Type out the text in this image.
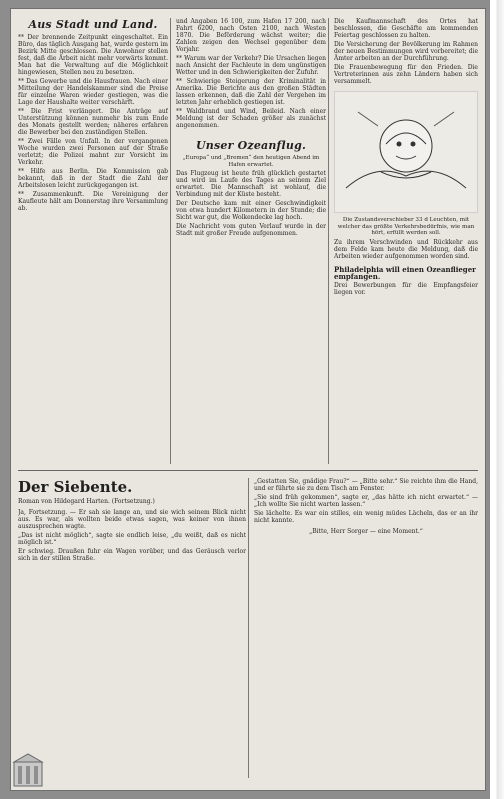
Aus Stadt und Land.

** Der brennende Zeitpunkt eingeschaltet. Ein Büro, das täglich Ausgang hat, wurde gestern im Bezirk Mitte geschlossen. Die Anwohner stellen fest, daß die Arbeit nicht mehr vorwärts kommt. Man hat die Verwaltung auf die Möglichkeit hingewiesen, Stellen neu zu besetzen.

** Das Gewerbe und die Hausfrauen. Nach einer Mitteilung der Handelskammer sind die Preise für einzelne Waren wieder gestiegen, was die Lage der Haushalte weiter verschärft.

** Die Frist verlängert. Die Anträge auf Unterstützung können nunmehr bis zum Ende des Monats gestellt werden; näheres erfahren die Bewerber bei den zuständigen Stellen.

** Zwei Fälle von Unfall. In der vergangenen Woche wurden zwei Personen auf der Straße verletzt; die Polizei mahnt zur Vorsicht im Verkehr.

** Hilfe aus Berlin. Die Kommission gab bekannt, daß in der Stadt die Zahl der Arbeitslosen leicht zurückgegangen ist.

** Zusammenkunft. Die Vereinigung der Kaufleute hält am Donnerstag ihre Versammlung ab.

und Angaben 16 100, zum Hafen 17 200, nach Fahrt 6200, nach Osten 2100, nach Westen 1870. Die Beförderung wächst weiter; die Zahlen zeigen den Wechsel gegenüber dem Vorjahr.

** Warum war der Verkehr? Die Ursachen liegen nach Ansicht der Fachleute in dem ungünstigen Wetter und in den Schwierigkeiten der Zufuhr.

** Schwierige Steigerung der Kriminalität in Amerika. Die Berichte aus den großen Städten lassen erkennen, daß die Zahl der Vergehen im letzten Jahr erheblich gestiegen ist.

** Waldbrand und Wind, Beileid. Nach einer Meldung ist der Schaden größer als zunächst angenommen.

Unser Ozeanflug.

„Europa“ und „Bremen“ den heutigen Abend im Hafen erwartet.

Das Flugzeug ist heute früh glücklich gestartet und wird im Laufe des Tages an seinem Ziel erwartet. Die Mannschaft ist wohlauf, die Verbindung mit der Küste besteht.

Der Deutsche kam mit einer Geschwindigkeit von etwa hundert Kilometern in der Stunde; die Sicht war gut, die Wolkendecke lag hoch.

Die Nachricht vom guten Verlauf wurde in der Stadt mit großer Freude aufgenommen.

Die Kaufmannschaft des Ortes hat beschlossen, die Geschäfte am kommenden Feiertag geschlossen zu halten.

Die Versicherung der Bevölkerung im Rahmen der neuen Bestimmungen wird vorbereitet; die Ämter arbeiten an der Durchführung.

Die Frauenbewegung für den Frieden. Die Vertreterinnen aus zehn Ländern haben sich versammelt.

Die Zustandsverschieber 33 d Leuchten, mit welcher das größte Verkehrsbedürfnis, wie man hört, erfüllt werden soll.

Zu ihrem Verschwinden und Rückkehr aus dem Felde kam heute die Meldung, daß die Arbeiten wieder aufgenommen worden sind.

Philadelphia will einen Ozeanflieger empfangen.

Drei Bewerbungen für die Empfangsfeier liegen vor.

Der Siebente.
Roman von Hildegard Harten. (Fortsetzung.)

Ja, Fortsetzung. — Er sah sie lange an, und sie wich seinem Blick nicht aus. Es war, als wollten beide etwas sagen, was keiner von ihnen auszusprechen wagte.

„Das ist nicht möglich“, sagte sie endlich leise, „du weißt, daß es nicht möglich ist.“

Er schwieg. Draußen fuhr ein Wagen vorüber, und das Geräusch verlor sich in der stillen Straße.

„Gestatten Sie, gnädige Frau?“ — „Bitte sehr.“ Sie reichte ihm die Hand, und er führte sie zu dem Tisch am Fenster.

„Sie sind früh gekommen“, sagte er, „das hätte ich nicht erwartet.“ — „Ich wollte Sie nicht warten lassen.“

Sie lächelte. Es war ein stilles, ein wenig müdes Lächeln, das er an ihr nicht kannte.

„Bitte, Herr Sorger — eine Moment.“
